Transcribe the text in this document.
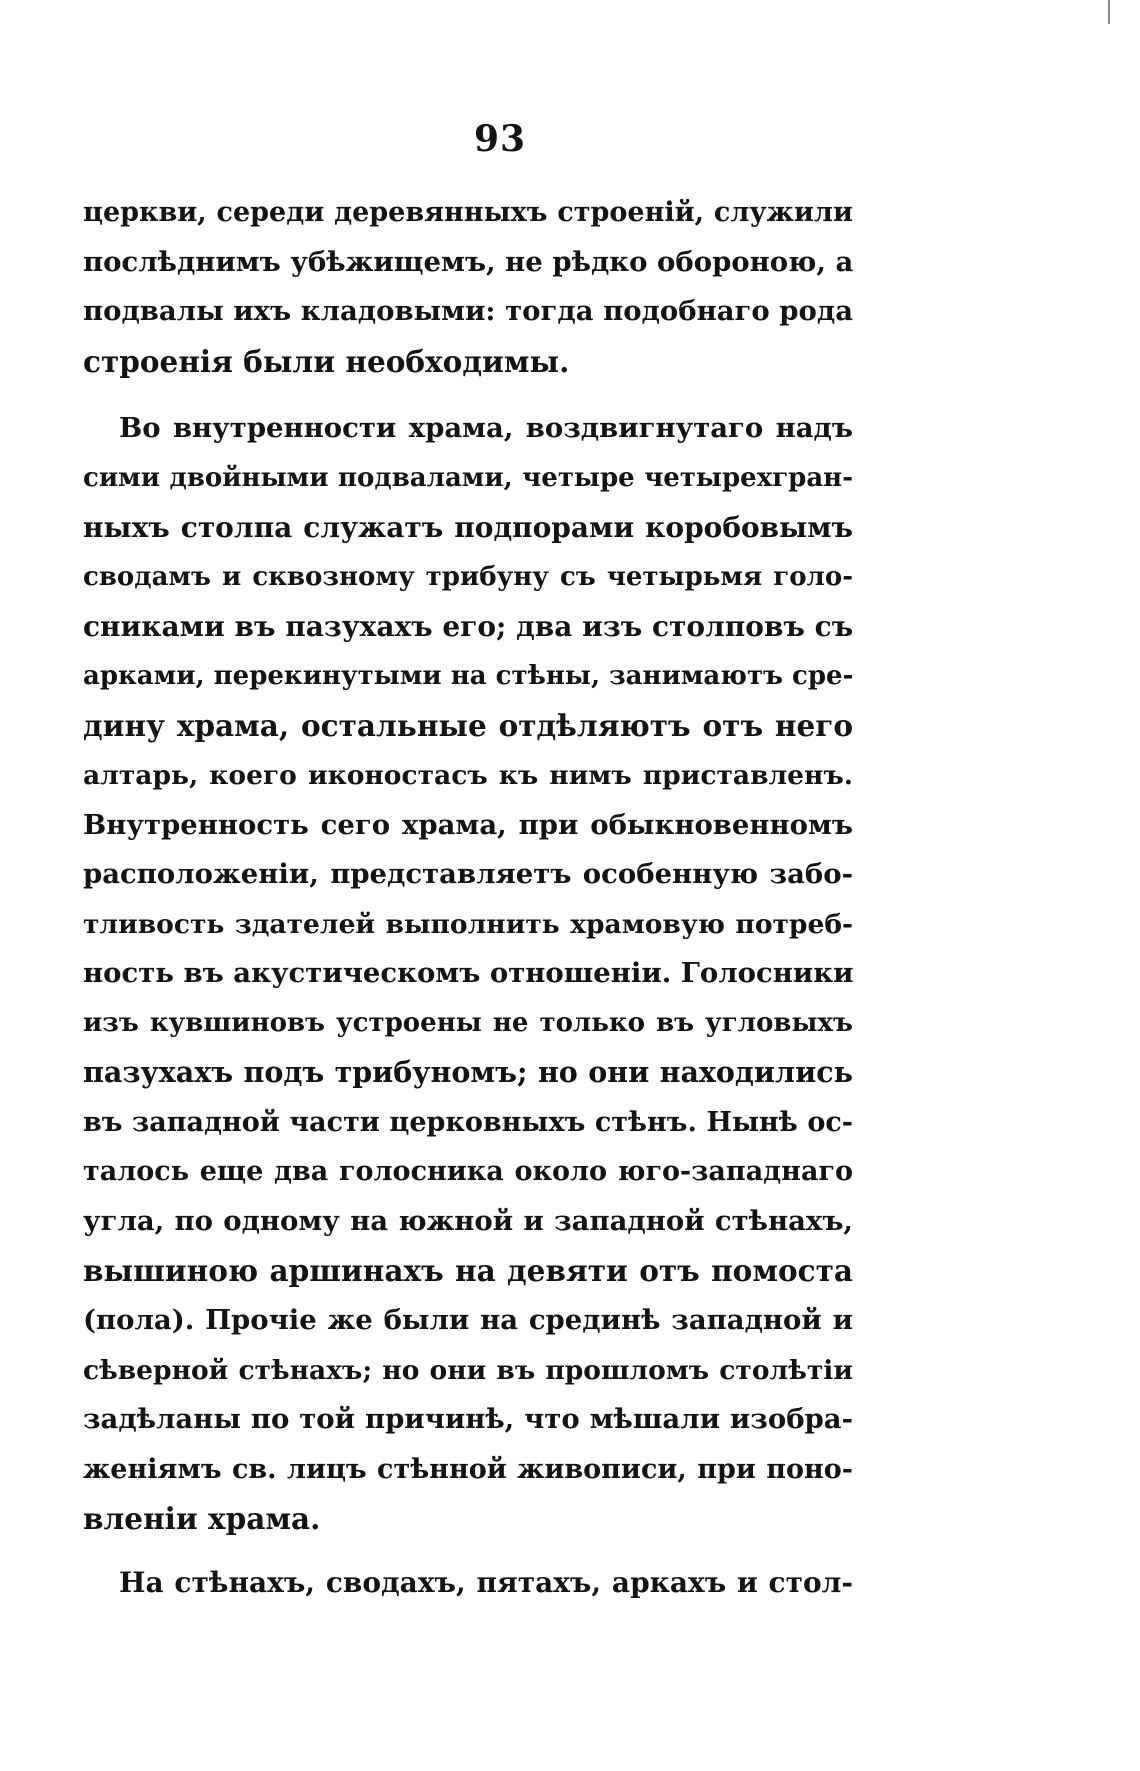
93
церкви, середи деревянныхъ строеній, служили
послѣднимъ убѣжищемъ, не рѣдко обороною, а
подвалы ихъ кладовыми: тогда подобнаго рода
строенія были необходимы.
Во внутренности храма, воздвигнутаго надъ
сими двойными подвалами, четыре четырехгран-
ныхъ столпа служатъ подпорами коробовымъ
сводамъ и сквозному трибуну съ четырьмя голо-
сниками въ пазухахъ его; два изъ столповъ съ
арками, перекинутыми на стѣны, занимаютъ сре-
дину храма, остальные отдѣляютъ отъ него
алтарь, коего иконостасъ къ нимъ приставленъ.
Внутренность сего храма, при обыкновенномъ
расположеніи, представляетъ особенную забо-
тливость здателей выполнить храмовую потреб-
ность въ акустическомъ отношеніи. Голосники
изъ кувшиновъ устроены не только въ угловыхъ
пазухахъ подъ трибуномъ; но они находились
въ западной части церковныхъ стѣнъ. Нынѣ ос-
талось еще два голосника около юго-западнаго
угла, по одному на южной и западной стѣнахъ,
вышиною аршинахъ на девяти отъ помоста
(пола). Прочіе же были на срединѣ западной и
сѣверной стѣнахъ; но они въ прошломъ столѣтіи
задѣланы по той причинѣ, что мѣшали изобра-
женіямъ св. лицъ стѣнной живописи, при поно-
вленіи храма.
На стѣнахъ, сводахъ, пятахъ, аркахъ и стол-
